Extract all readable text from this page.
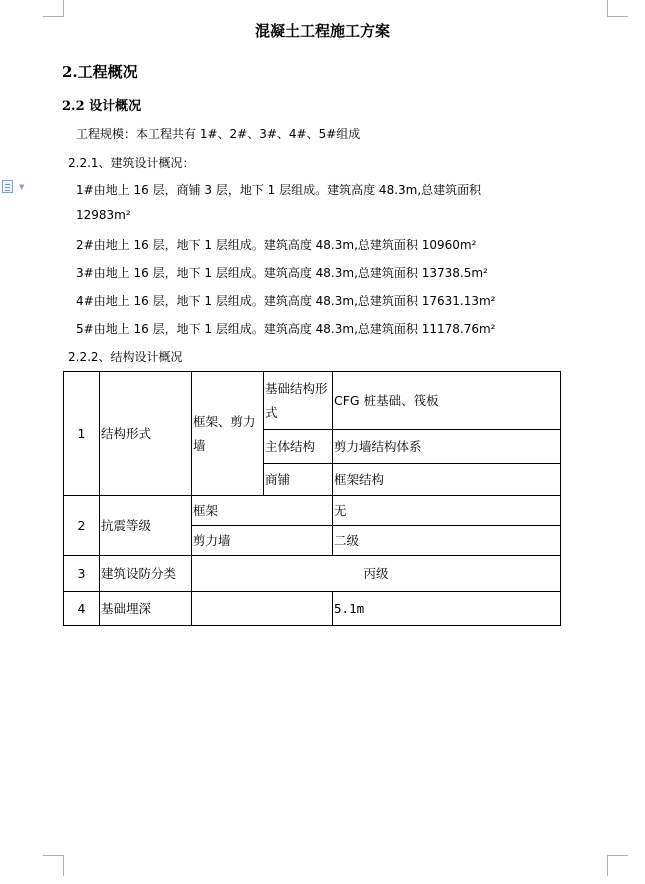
▼
混凝土工程施工方案
2.工程概况
2.2 设计概况
工程规模：本工程共有 1#、2#、3#、4#、5#组成
2.2.1、建筑设计概况：
1#由地上 16 层，商铺 3 层，地下 1 层组成。建筑高度 48.3m,总建筑面积
12983m²
2#由地上 16 层，地下 1 层组成。建筑高度 48.3m,总建筑面积 10960m²
3#由地上 16 层，地下 1 层组成。建筑高度 48.3m,总建筑面积 13738.5m²
4#由地上 16 层，地下 1 层组成。建筑高度 48.3m,总建筑面积 17631.13m²
5#由地上 16 层，地下 1 层组成。建筑高度 48.3m,总建筑面积 11178.76m²
2.2.2、结构设计概况
1	结构形式	框架、剪力墙	基础结构形式	CFG 桩基础、筏板
			主体结构	剪力墙结构体系
			商铺	框架结构
2	抗震等级	框架		无
		剪力墙		二级
3	建筑设防分类	丙级		
4	基础埋深			5.1m
